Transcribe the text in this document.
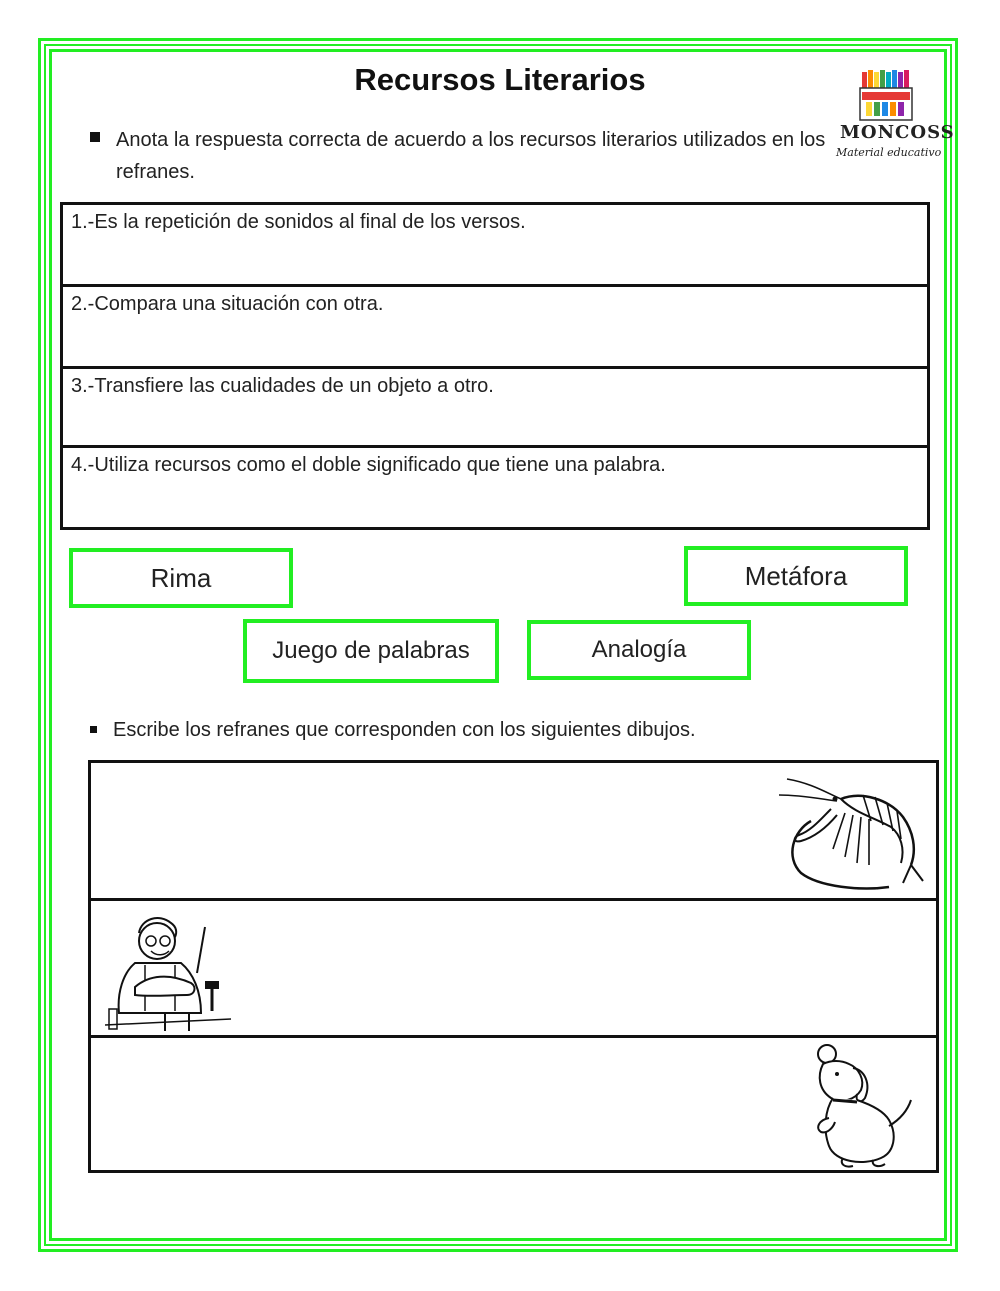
Recursos Literarios
MONCOSS
Material educativo
Anota la respuesta correcta de acuerdo a los recursos literarios utilizados en los refranes.
1.-Es la repetición de sonidos al final de los versos.
2.-Compara una situación con otra.
3.-Transfiere las cualidades de un objeto a otro.
4.-Utiliza recursos como el doble significado que tiene una palabra.
Rima	Metáfora
Juego de palabras	Analogía
Escribe los refranes que corresponden con los siguientes dibujos.
